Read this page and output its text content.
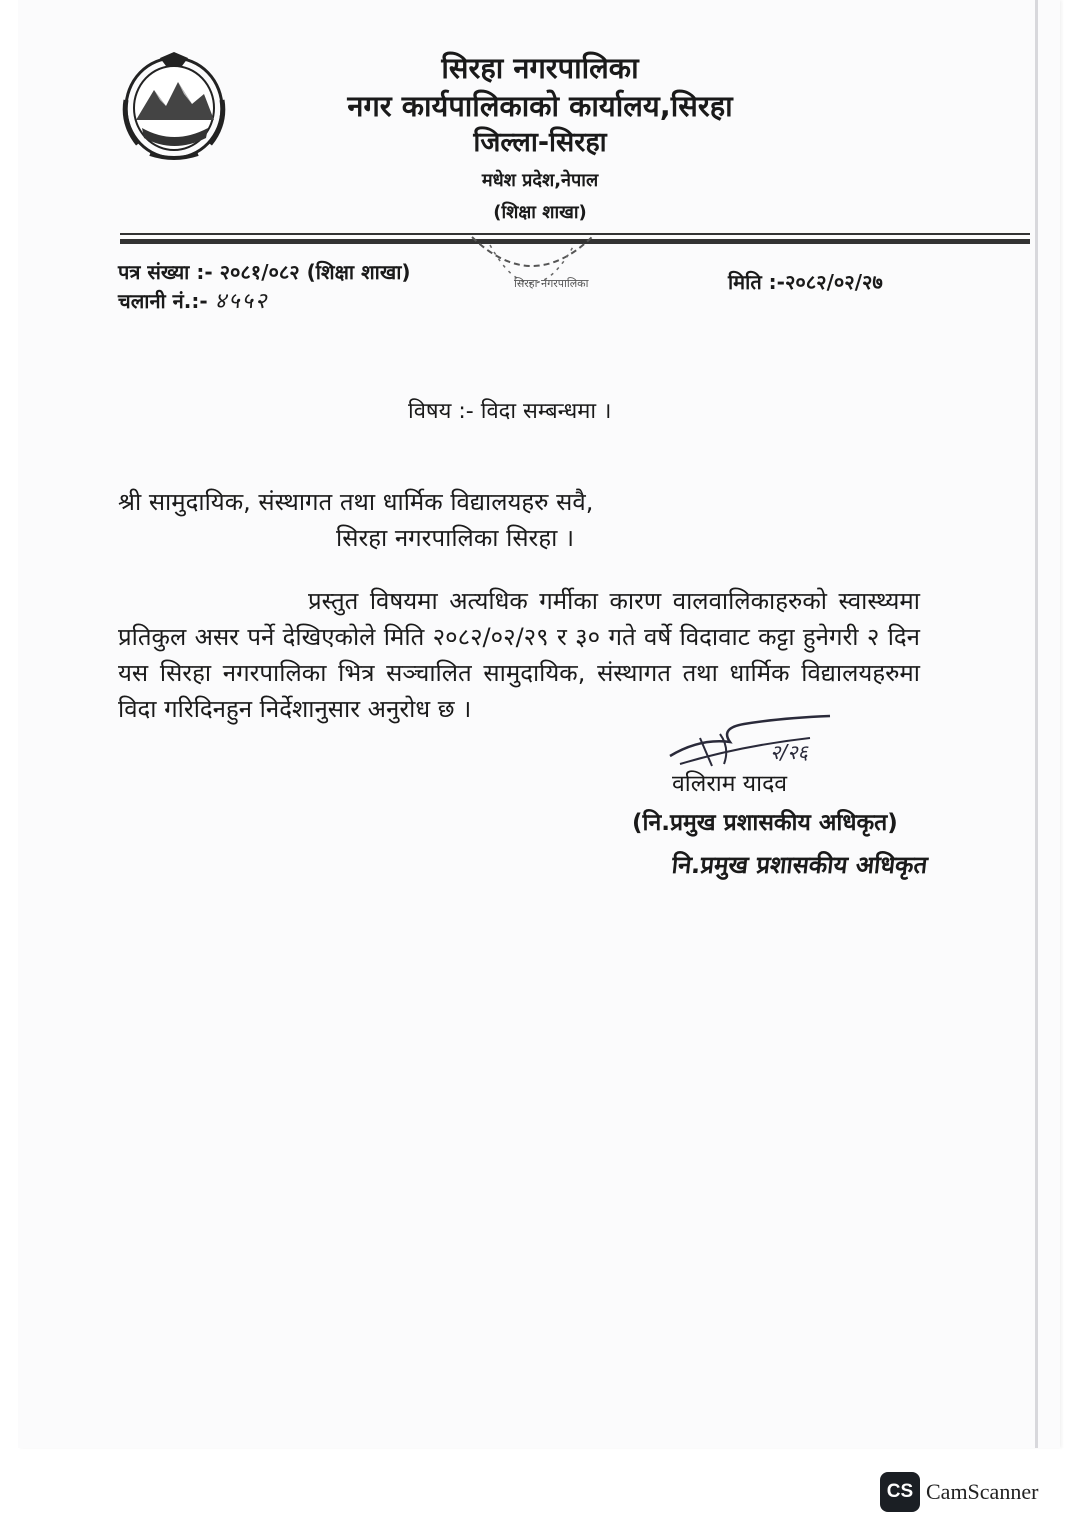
सिरहा नगरपालिका
नगर कार्यपालिकाको कार्यालय,सिरहा
जिल्ला-सिरहा
मधेश प्रदेश,नेपाल
(शिक्षा शाखा)
सिरहा नगरपालिका
पत्र संख्या :- २०८१/०८२ (शिक्षा शाखा)
चलानी नं.:- ४५५२
मिति :-२०८२/०२/२७
विषय :- विदा सम्बन्धमा ।
श्री सामुदायिक, संस्थागत तथा धार्मिक विद्यालयहरु सवै,
सिरहा नगरपालिका सिरहा ।
प्रस्तुत विषयमा अत्यधिक गर्मीका कारण वालवालिकाहरुको स्वास्थ्यमा प्रतिकुल असर पर्ने देखिएकोले मिति २०८२/०२/२९ र ३० गते वर्षे विदावाट कट्टा हुनेगरी २ दिन यस सिरहा नगरपालिका भित्र सञ्चालित सामुदायिक, संस्थागत तथा धार्मिक विद्यालयहरुमा विदा गरिदिनहुन निर्देशानुसार अनुरोध छ ।
२/२६
वलिराम यादव
(नि.प्रमुख प्रशासकीय अधिकृत)
नि.प्रमुख प्रशासकीय अधिकृत
CS CamScanner
